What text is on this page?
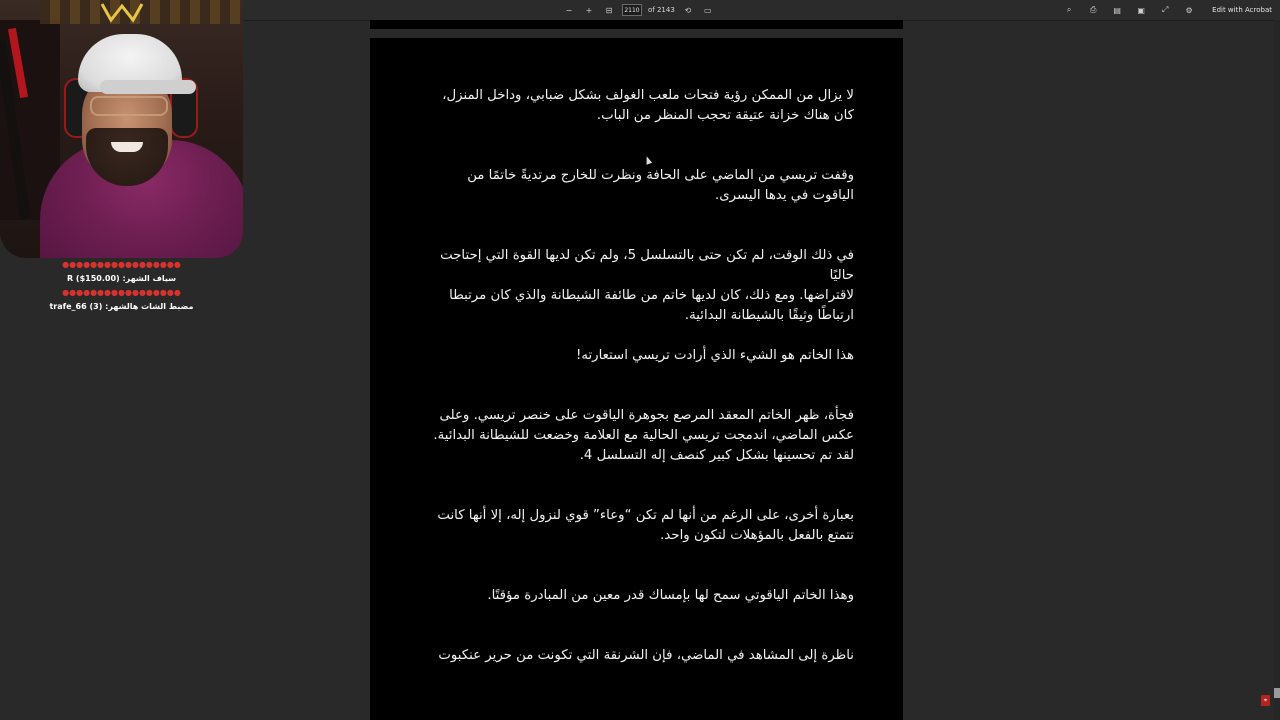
−	+	⊟
2110	of 2143	⟲	▭	⌕	⎙	▤	▣	⤢	⚙	Edit with Acrobat

لا يزال من الممكن رؤية فتحات ملعب الغولف بشكل ضبابي، وداخل المنزل،
كان هناك خزانة عتيقة تحجب المنظر من الباب.

وقفت تريسي من الماضي على الحافة ونظرت للخارج مرتديةً خاتمًا من
الياقوت في يدها اليسرى.

في ذلك الوقت، لم تكن حتى بالتسلسل 5، ولم تكن لديها القوة التي إحتاجت حاليًا
لاقتراضها. ومع ذلك، كان لديها خاتم من طائفة الشيطانة والذي كان مرتبطا
ارتباطًا وثيقًا بالشيطانة البدائية.

هذا الخاتم هو الشيء الذي أرادت تريسي استعارته!

فجأة، ظهر الخاتم المعقد المرصع بجوهرة الياقوت على خنصر تريسي. وعلى
عكس الماضي، اندمجت تريسي الحالية مع العلامة وخضعت للشيطانة البدائية.
لقد تم تحسينها بشكل كبير كنصف إله التسلسل 4.

بعبارة أخرى، على الرغم من أنها لم تكن “وعاء” قوي لنزول إله، إلا أنها كانت
تتمتع بالفعل بالمؤهلات لتكون واحد.

وهذا الخاتم الياقوتي سمح لها بإمساك قدر معين من المبادرة مؤقتًا.

ناظرة إلى المشاهد في الماضي، فإن الشرنقة التي تكونت من حرير عنكبوت

⌖
●●●●●●●●●●●●●●●●●
سياف الشهر: (R ($150.00
●●●●●●●●●●●●●●●●●
مضبط الشات هالشهر: (3) trafe_66
